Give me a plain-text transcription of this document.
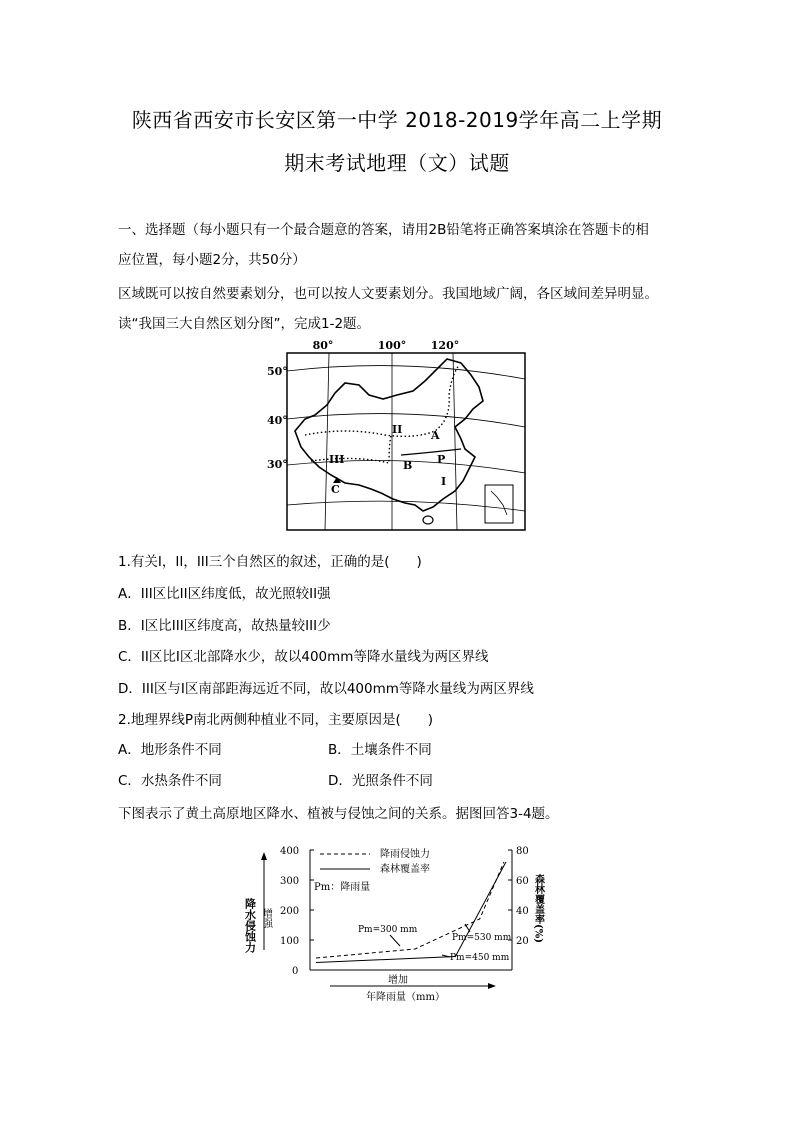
陕西省西安市长安区第一中学 2018-2019学年高二上学期
期末考试地理（文）试题
一、选择题（每小题只有一个最合题意的答案，请用2B铅笔将正确答案填涂在答题卡的相
应位置，每小题2分，共50分）
区域既可以按自然要素划分，也可以按人文要素划分。我国地域广阔，各区域间差异明显。
读“我国三大自然区划分图”，完成1-2题。
80°	100° 120°
50°
40°
30°
II	A
III	B P
I
C
1.有关I，II，III三个自然区的叙述，正确的是(　　)
A．III区比II区纬度低，故光照较II强
B．I区比III区纬度高，故热量较III少
C．II区比I区北部降水少，故以400mm等降水量线为两区界线
D．III区与I区南部距海远近不同，故以400mm等降水量线为两区界线
2.地理界线P南北两侧种植业不同，主要原因是(　　)
A．地形条件不同	B．土壤条件不同
C．水热条件不同	D．光照条件不同
下图表示了黄土高原地区降水、植被与侵蚀之间的关系。据图回答3-4题。
400
300
200
100
0
80
60
40
20
降水侵蚀力 增强	森林覆盖率(%)
降雨侵蚀力
森林覆盖率
Pm：降雨量
Pm=300 mm
Pm=530 mm
Pm=450 mm
增加
年降雨量（mm）
